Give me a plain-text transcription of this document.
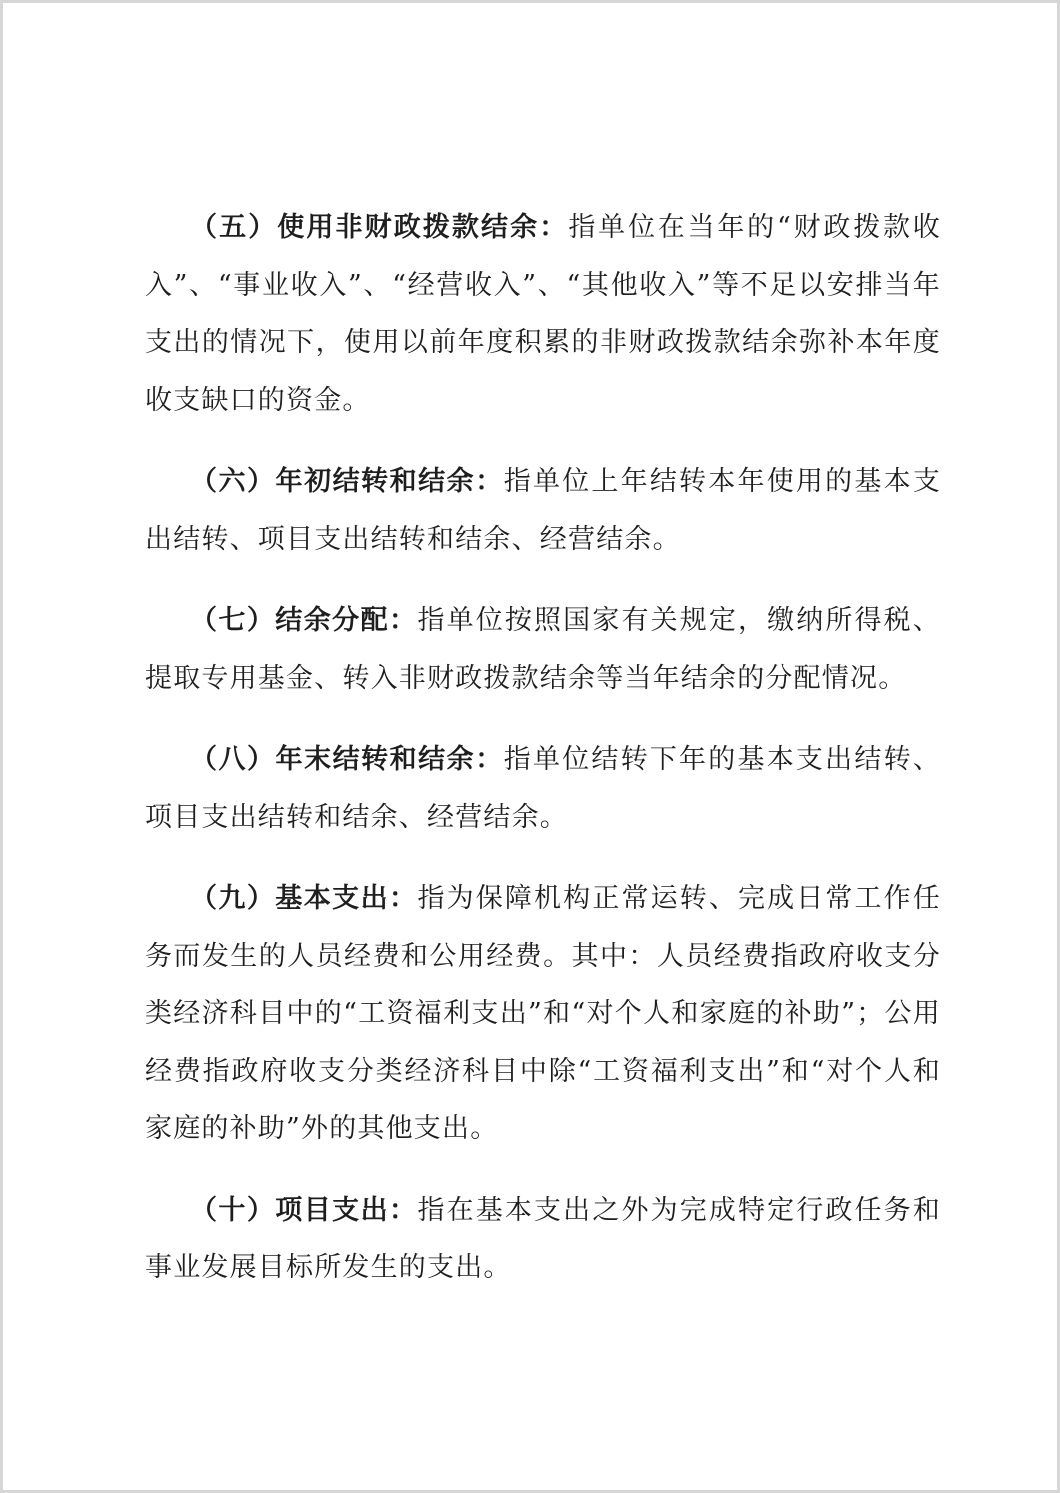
（五）使用非财政拨款结余：指单位在当年的“财政拨款收入”、“事业收入”、“经营收入”、“其他收入”等不足以安排当年支出的情况下，使用以前年度积累的非财政拨款结余弥补本年度收支缺口的资金。

（六）年初结转和结余：指单位上年结转本年使用的基本支出结转、项目支出结转和结余、经营结余。

（七）结余分配：指单位按照国家有关规定，缴纳所得税、提取专用基金、转入非财政拨款结余等当年结余的分配情况。

（八）年末结转和结余：指单位结转下年的基本支出结转、项目支出结转和结余、经营结余。

（九）基本支出：指为保障机构正常运转、完成日常工作任务而发生的人员经费和公用经费。其中：人员经费指政府收支分类经济科目中的“工资福利支出”和“对个人和家庭的补助”；公用经费指政府收支分类经济科目中除“工资福利支出”和“对个人和家庭的补助”外的其他支出。

（十）项目支出：指在基本支出之外为完成特定行政任务和事业发展目标所发生的支出。
